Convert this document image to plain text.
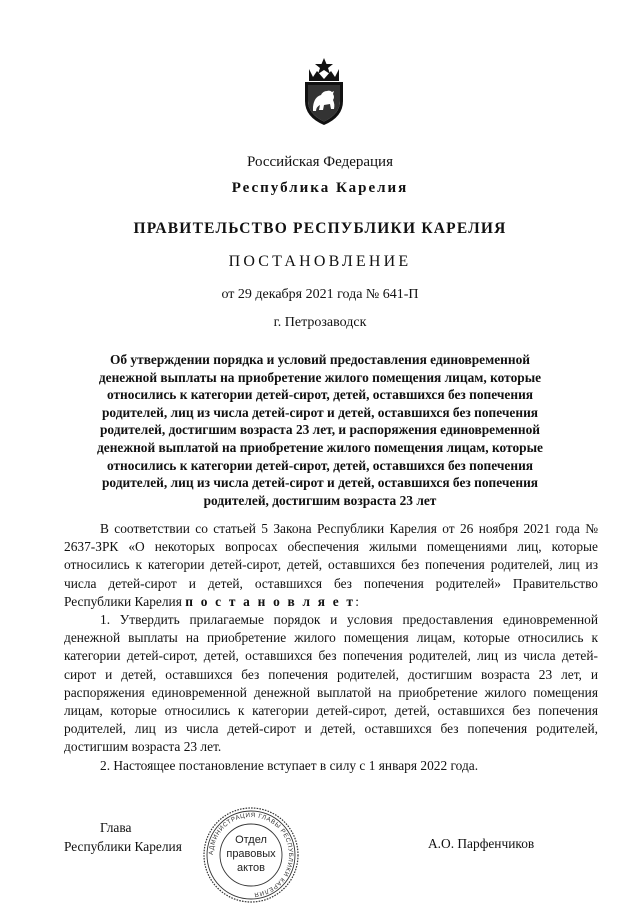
Российская Федерация
Республика Карелия
ПРАВИТЕЛЬСТВО РЕСПУБЛИКИ КАРЕЛИЯ
ПОСТАНОВЛЕНИЕ
от 29 декабря 2021 года № 641-П
г. Петрозаводск
Об утверждении порядка и условий предоставления единовременной
денежной выплаты на приобретение жилого помещения лицам, которые
относились к категории детей-сирот, детей, оставшихся без попечения
родителей, лиц из числа детей-сирот и детей, оставшихся без попечения
родителей, достигшим возраста 23 лет, и распоряжения единовременной
денежной выплатой на приобретение жилого помещения лицам, которые
относились к категории детей-сирот, детей, оставшихся без попечения
родителей, лиц из числа детей-сирот и детей, оставшихся без попечения
родителей, достигшим возраста 23 лет

В соответствии со статьей 5 Закона Республики Карелия от 26 ноября 2021 года № 2637-ЗРК «О некоторых вопросах обеспечения жилыми помещениями лиц, которые относились к категории детей-сирот, детей, оставшихся без попечения родителей, лиц из числа детей-сирот и детей, оставшихся без попечения родителей» Правительство Республики Карелия п о с т а н о в л я е т:

1. Утвердить прилагаемые порядок и условия предоставления единовременной денежной выплаты на приобретение жилого помещения лицам, которые относились к категории детей-сирот, детей, оставшихся без попечения родителей, лиц из числа детей-сирот и детей, оставшихся без попечения родителей, достигшим возраста 23 лет, и распоряжения единовременной денежной выплатой на приобретение жилого помещения лицам, которые относились к категории детей-сирот, детей, оставшихся без попечения родителей, лиц из числа детей-сирот и детей, оставшихся без попечения родителей, достигшим возраста 23 лет.

2. Настоящее постановление вступает в силу с 1 января 2022 года.

Глава
Республики Карелия	АДМИНИСТРАЦИЯ ГЛАВЫ РЕСПУБЛИКИ КАРЕЛИЯ
Отдел
правовых
актов
А.О. Парфенчиков
